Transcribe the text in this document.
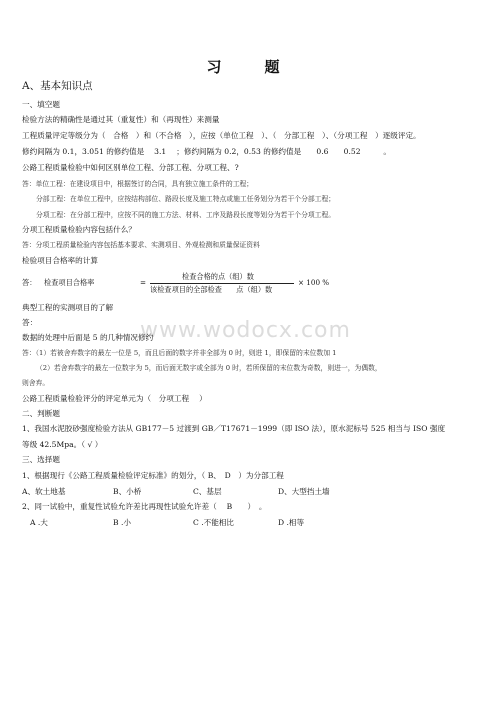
习　题
A、基本知识点
一、填空题
检验方法的精确性是通过其（重复性）和（再现性）来测量
工程质量评定等级分为（　合格　）和（不合格　），应按（单位工程　）、（　分部工程　）、（分项工程　）逐级评定。
修约间隔为 0.1，3.051 的修约值是　 3.1　 ；修约间隔为 0.2，0.53 的修约值是　　0.6　　0.52　　　。
公路工程质量检验中如何区别单位工程、分部工程、分项工程、?
答：单位工程：在建设项目中，根据签订的合同，具有独立施工条件的工程；
分部工程：在单位工程中，应按结构部位、路段长度及施工特点或施工任务划分为若干个分部工程；
分项工程：在分部工程中，应按不同的施工方法、材料、工序及路段长度等划分为若干个分项工程。
分项工程质量检验内容包括什么？
答：分项工程质量检验内容包括基本要求、实测项目、外观检测和质量保证资料
检验项目合格率的计算
答： 检查项目合格率	=
检查合格的点（组）数
该检查项目的全部检查　　点（组）数
× 100 %
典型工程的实测项目的了解
答：	www.wodocx.com
数据的处理中后面是 5 的几种情况修约
答：（1）若被舍弃数字的最左一位是 5，而且后面的数字并非全部为 0 时，则进 1，即保留的末位数加 1
（2）若舍弃数字的最左一位数字为 5，而后面无数字或全部为 0 时，若所保留的末位数为奇数，则进一，为偶数，
则舍弃。
公路工程质量检验评分的评定单元为（　分项工程　 ）
二、判断题
1、我国水泥胶砂强度检验方法从 GB177－5 过渡到 GB／T17671－1999（即 ISO 法），原水泥标号 525 相当与 ISO 强度
等级 42.5Mpa。（ √ ）
三、选择题
1、根据现行《公路工程质量检验评定标准》的划分，（ B、　D　）为分部工程
A、软土地基	B、小桥	C、基层	D、大型挡土墙
2、同一试验中，重复性试验允许差比再现性试验允许差（　 B　　）　。
A .大	B .小	C .不能相比	D .相等
